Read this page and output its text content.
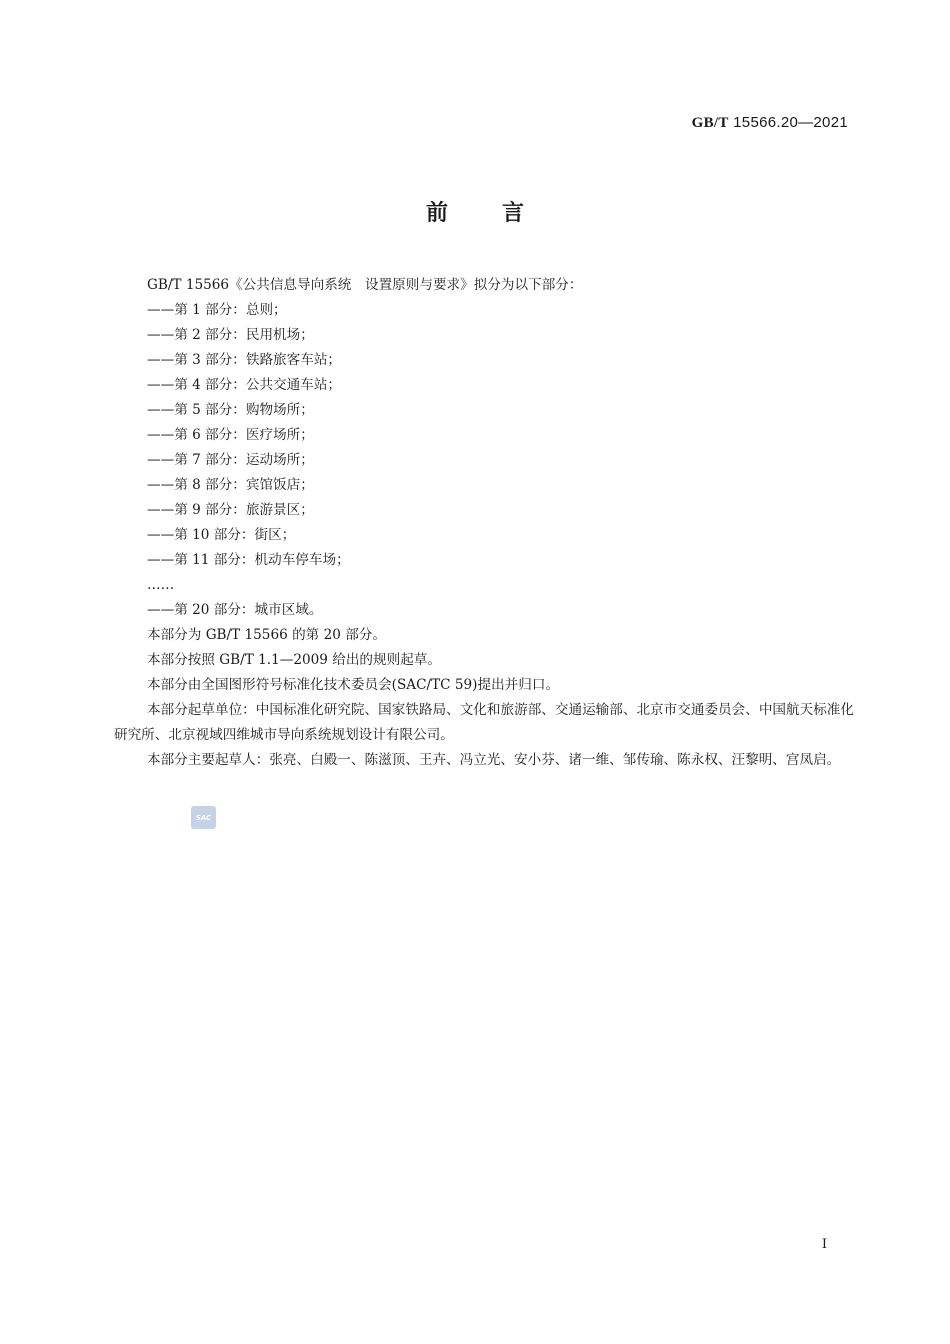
GB/T 15566.20—2021
前 言

GB/T 15566《公共信息导向系统　设置原则与要求》拟分为以下部分：

——第 1 部分：总则；

——第 2 部分：民用机场；

——第 3 部分：铁路旅客车站；

——第 4 部分：公共交通车站；

——第 5 部分：购物场所；

——第 6 部分：医疗场所；

——第 7 部分：运动场所；

——第 8 部分：宾馆饭店；

——第 9 部分：旅游景区；

——第 10 部分：街区；

——第 11 部分：机动车停车场；

……

——第 20 部分：城市区域。

本部分为 GB/T 15566 的第 20 部分。

本部分按照 GB/T 1.1—2009 给出的规则起草。

本部分由全国图形符号标准化技术委员会(SAC/TC 59)提出并归口。

本部分起草单位：中国标准化研究院、国家铁路局、文化和旅游部、交通运输部、北京市交通委员会、中国航天标准化研究所、北京视域四维城市导向系统规划设计有限公司。

本部分主要起草人：张亮、白殿一、陈滋顶、王卉、冯立光、安小芬、诸一维、邹传瑜、陈永权、汪黎明、宫凤启。

SAC
I
